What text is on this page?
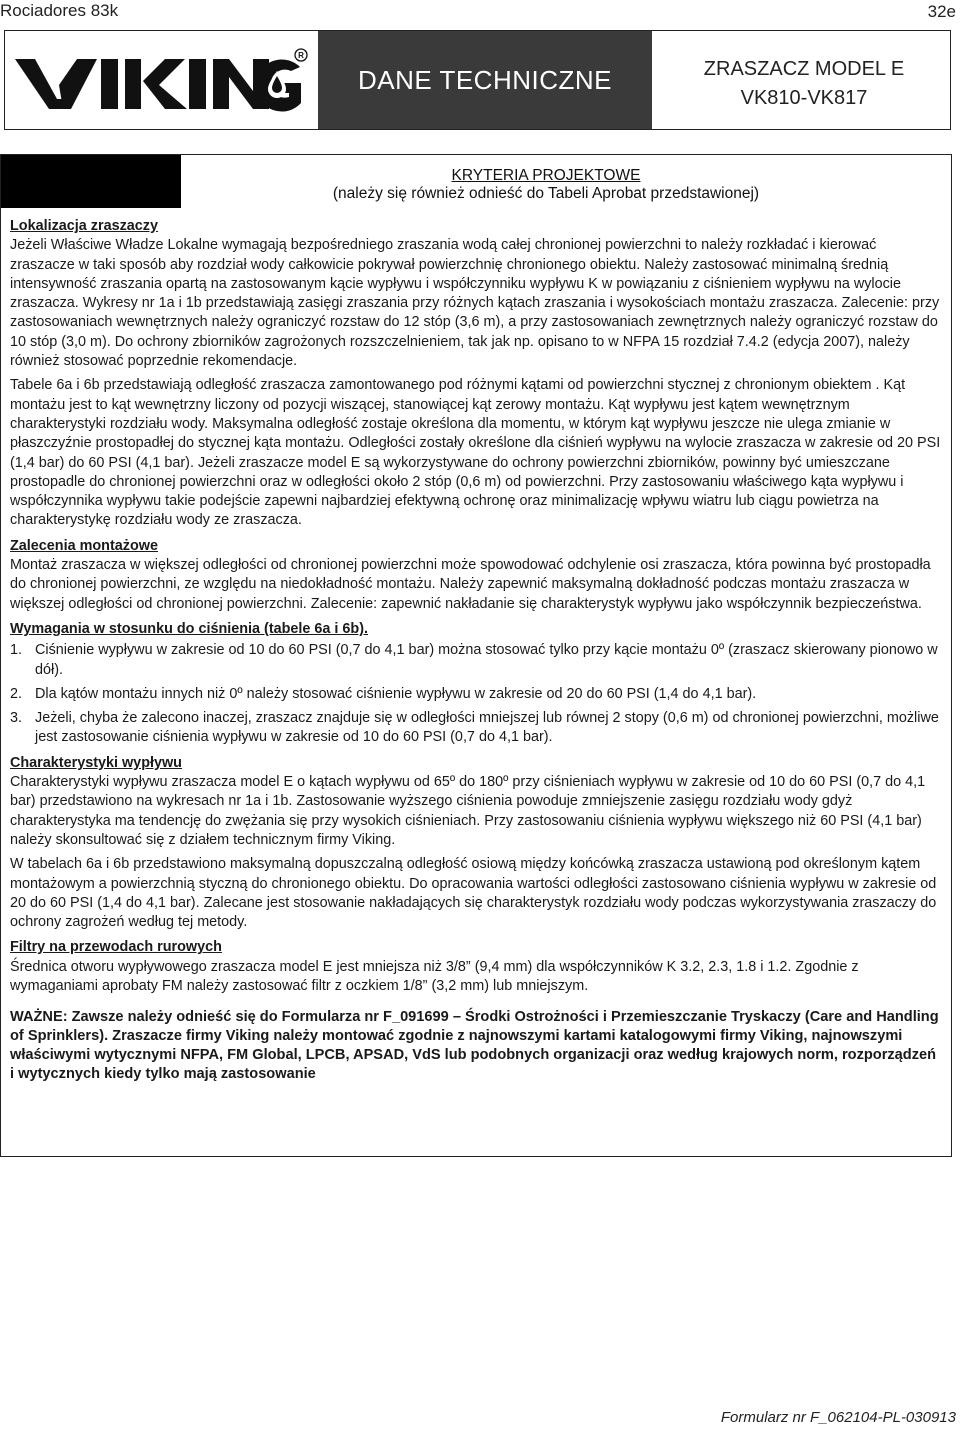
Rociadores 83k	32e
R
DANE TECHNICZNE	ZRASZACZ MODEL E
VK810-VK817
KRYTERIA PROJEKTOWE
(należy się również odnieść do Tabeli Aprobat przedstawionej)
Lokalizacja zraszaczy

Jeżeli Właściwe Władze Lokalne wymagają bezpośredniego zraszania wodą całej chronionej powierzchni to należy rozkładać i kierować zraszacze w taki sposób aby rozdział wody całkowicie pokrywał powierzchnię chronionego obiektu. Należy zastosować minimalną średnią intensywność zraszania opartą na zastosowanym kącie wypływu i współczynniku wypływu K w powiązaniu z ciśnieniem wypływu na wylocie zraszacza. Wykresy nr 1a i 1b przedstawiają zasięgi zraszania przy różnych kątach zraszania i wysokościach montażu zraszacza. Zalecenie: przy zastosowaniach wewnętrznych należy ograniczyć rozstaw do 12 stóp (3,6 m), a przy zastosowaniach zewnętrznych należy ograniczyć rozstaw do 10 stóp (3,0 m). Do ochrony zbiorników zagrożonych rozszczelnieniem, tak jak np. opisano to w NFPA 15 rozdział 7.4.2 (edycja 2007), należy również stosować poprzednie rekomendacje.

Tabele 6a i 6b przedstawiają odległość zraszacza zamontowanego pod różnymi kątami od powierzchni stycznej z chronionym obiektem . Kąt montażu jest to kąt wewnętrzny liczony od pozycji wiszącej, stanowiącej kąt zerowy montażu. Kąt wypływu jest kątem wewnętrznym charakterystyki rozdziału wody. Maksymalna odległość zostaje określona dla momentu, w którym kąt wypływu jeszcze nie ulega zmianie w płaszczyźnie prostopadłej do stycznej kąta montażu. Odległości zostały określone dla ciśnień wypływu na wylocie zraszacza w zakresie od 20 PSI (1,4 bar) do 60 PSI (4,1 bar). Jeżeli zraszacze model E są wykorzystywane do ochrony powierzchni zbiorników, powinny być umieszczane prostopadle do chronionej powierzchni oraz w odległości około 2 stóp (0,6 m) od powierzchni. Przy zastosowaniu właściwego kąta wypływu i współczynnika wypływu takie podejście zapewni najbardziej efektywną ochronę oraz minimalizację wpływu wiatru lub ciągu powietrza na charakterystykę rozdziału wody ze zraszacza.

Zalecenia montażowe

Montaż zraszacza w większej odległości od chronionej powierzchni może spowodować odchylenie osi zraszacza, która powinna być prostopadła do chronionej powierzchni, ze względu na niedokładność montażu. Należy zapewnić maksymalną dokładność podczas montażu zraszacza w większej odległości od chronionej powierzchni. Zalecenie: zapewnić nakładanie się charakterystyk wypływu jako współczynnik bezpieczeństwa.

Wymagania w stosunku do ciśnienia (tabele 6a i 6b).
1. Ciśnienie wypływu w zakresie od 10 do 60 PSI (0,7 do 4,1 bar) można stosować tylko przy kącie montażu 0º (zraszacz skierowany pionowo w dół).
2. Dla kątów montażu innych niż 0º należy stosować ciśnienie wypływu w zakresie od 20 do 60 PSI (1,4 do 4,1 bar).
3. Jeżeli, chyba że zalecono inaczej, zraszacz znajduje się w odległości mniejszej lub równej 2 stopy (0,6 m) od chronionej powierzchni, możliwe jest zastosowanie ciśnienia wypływu w zakresie od 10 do 60 PSI (0,7 do 4,1 bar).
Charakterystyki wypływu

Charakterystyki wypływu zraszacza model E o kątach wypływu od 65º do 180º przy ciśnieniach wypływu w zakresie od 10 do 60 PSI (0,7 do 4,1 bar) przedstawiono na wykresach nr 1a i 1b. Zastosowanie wyższego ciśnienia powoduje zmniejszenie zasięgu rozdziału wody gdyż charakterystyka ma tendencję do zwężania się przy wysokich ciśnieniach. Przy zastosowaniu ciśnienia wypływu większego niż 60 PSI (4,1 bar) należy skonsultować się z działem technicznym firmy Viking.

W tabelach 6a i 6b przedstawiono maksymalną dopuszczalną odległość osiową między końcówką zraszacza ustawioną pod określonym kątem montażowym a powierzchnią styczną do chronionego obiektu. Do opracowania wartości odległości zastosowano ciśnienia wypływu w zakresie od 20 do 60 PSI (1,4 do 4,1 bar). Zalecane jest stosowanie nakładających się charakterystyk rozdziału wody podczas wykorzystywania zraszaczy do ochrony zagrożeń według tej metody.

Filtry na przewodach rurowych

Średnica otworu wypływowego zraszacza model E jest mniejsza niż 3/8” (9,4 mm) dla współczynników K 3.2, 2.3, 1.8 i 1.2. Zgodnie z wymaganiami aprobaty FM należy zastosować filtr z oczkiem 1/8” (3,2 mm) lub mniejszym.

WAŻNE: Zawsze należy odnieść się do Formularza nr F_091699 – Środki Ostrożności i Przemieszczanie Tryskaczy (Care and Handling of Sprinklers). Zraszacze firmy Viking należy montować zgodnie z najnowszymi kartami katalogowymi firmy Viking, najnowszymi właściwymi wytycznymi NFPA, FM Global, LPCB, APSAD, VdS lub podobnych organizacji oraz według krajowych norm, rozporządzeń i wytycznych kiedy tylko mają zastosowanie
Formularz nr F_062104-PL-030913
